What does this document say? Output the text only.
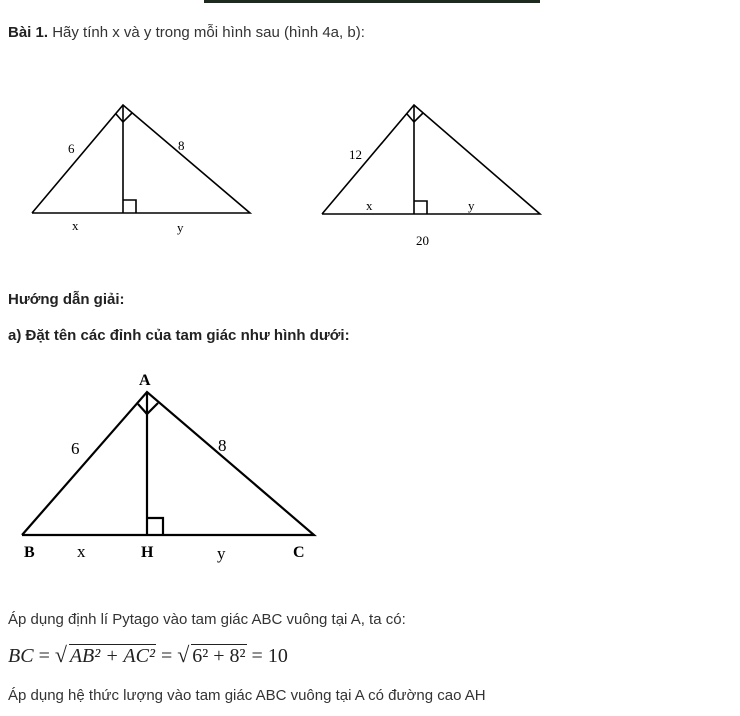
Bài 1. Hãy tính x và y trong mỗi hình sau (hình 4a, b):

6	8
x	y
12
x	y
20

Hướng dẫn giải:

a) Đặt tên các đỉnh của tam giác như hình dưới:

A
B	H	C
6	8
x	y

Áp dụng định lí Pytago vào tam giác ABC vuông tại A, ta có:

BC = √ AB² + AC² = √ 6² + 8² = 10

Áp dụng hệ thức lượng vào tam giác ABC vuông tại A có đường cao AH
